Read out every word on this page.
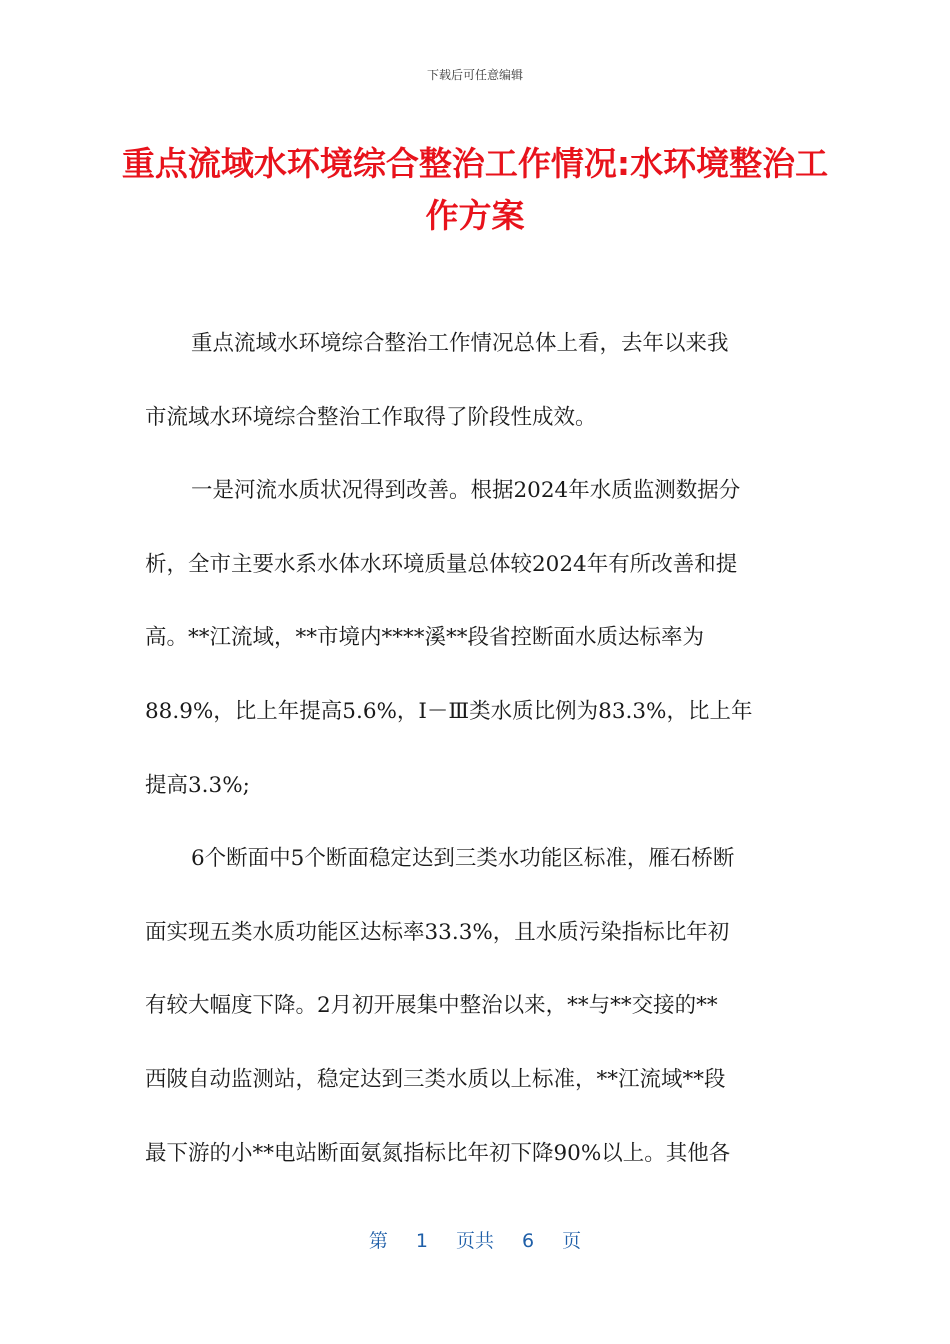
下载后可任意编辑
重点流域水环境综合整治工作情况:水环境整治工作方案
重点流域水环境综合整治工作情况总体上看，去年以来我
市流域水环境综合整治工作取得了阶段性成效。
一是河流水质状况得到改善。根据2024年水质监测数据分
析，全市主要水系水体水环境质量总体较2024年有所改善和提
高。**江流域，**市境内****溪**段省控断面水质达标率为
88.9%，比上年提高5.6%，Ⅰ－Ⅲ类水质比例为83.3%，比上年
提高3.3%;
6个断面中5个断面稳定达到三类水功能区标准，雁石桥断
面实现五类水质功能区达标率33.3%，且水质污染指标比年初
有较大幅度下降。2月初开展集中整治以来，**与**交接的**
西陂自动监测站，稳定达到三类水质以上标准，**江流域**段
最下游的小**电站断面氨氮指标比年初下降90%以上。其他各
第 1 页共 6 页
